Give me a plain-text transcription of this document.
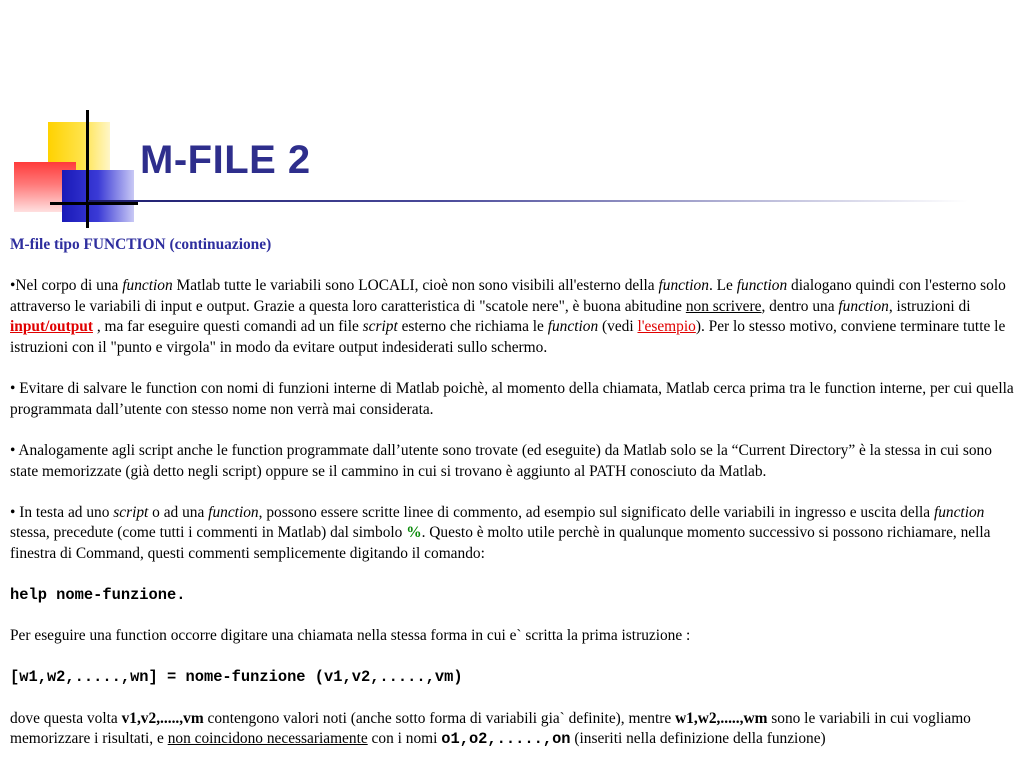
M-FILE 2

M-file tipo FUNCTION (continuazione)

•Nel corpo di una function Matlab tutte le variabili sono LOCALI, cioè non sono visibili all'esterno della function. Le function dialogano quindi con l'esterno solo attraverso le variabili di input e output. Grazie a questa loro caratteristica di "scatole nere", è buona abitudine non scrivere, dentro una function, istruzioni di input/output , ma far eseguire questi comandi ad un file script esterno che richiama le function (vedi l'esempio). Per lo stesso motivo, conviene terminare tutte le istruzioni con il "punto e virgola" in modo da evitare output indesiderati sullo schermo.

• Evitare di salvare le function con nomi di funzioni interne di Matlab poichè, al momento della chiamata, Matlab cerca prima tra le function interne, per cui quella programmata dall’utente con stesso nome non verrà mai considerata.

• Analogamente agli script anche le function programmate dall’utente sono trovate (ed eseguite) da Matlab solo se la “Current Directory” è la stessa in cui sono state memorizzate (già detto negli script) oppure se il cammino in cui si trovano è aggiunto al PATH conosciuto da Matlab.

• In testa ad uno script o ad una function, possono essere scritte linee di commento, ad esempio sul significato delle variabili in ingresso e uscita della function stessa, precedute (come tutti i commenti in Matlab) dal simbolo %. Questo è molto utile perchè in qualunque momento successivo si possono richiamare, nella finestra di Command, questi commenti semplicemente digitando il comando:

help nome-funzione.

Per eseguire una function occorre digitare una chiamata nella stessa forma in cui e` scritta la prima istruzione :

[w1,w2,.....,wn] = nome-funzione (v1,v2,.....,vm)

dove questa volta v1,v2,.....,vm contengono valori noti (anche sotto forma di variabili gia` definite), mentre w1,w2,.....,wm sono le variabili in cui vogliamo memorizzare i risultati, e non coincidono necessariamente con i nomi o1,o2,.....,on (inseriti nella definizione della funzione)
